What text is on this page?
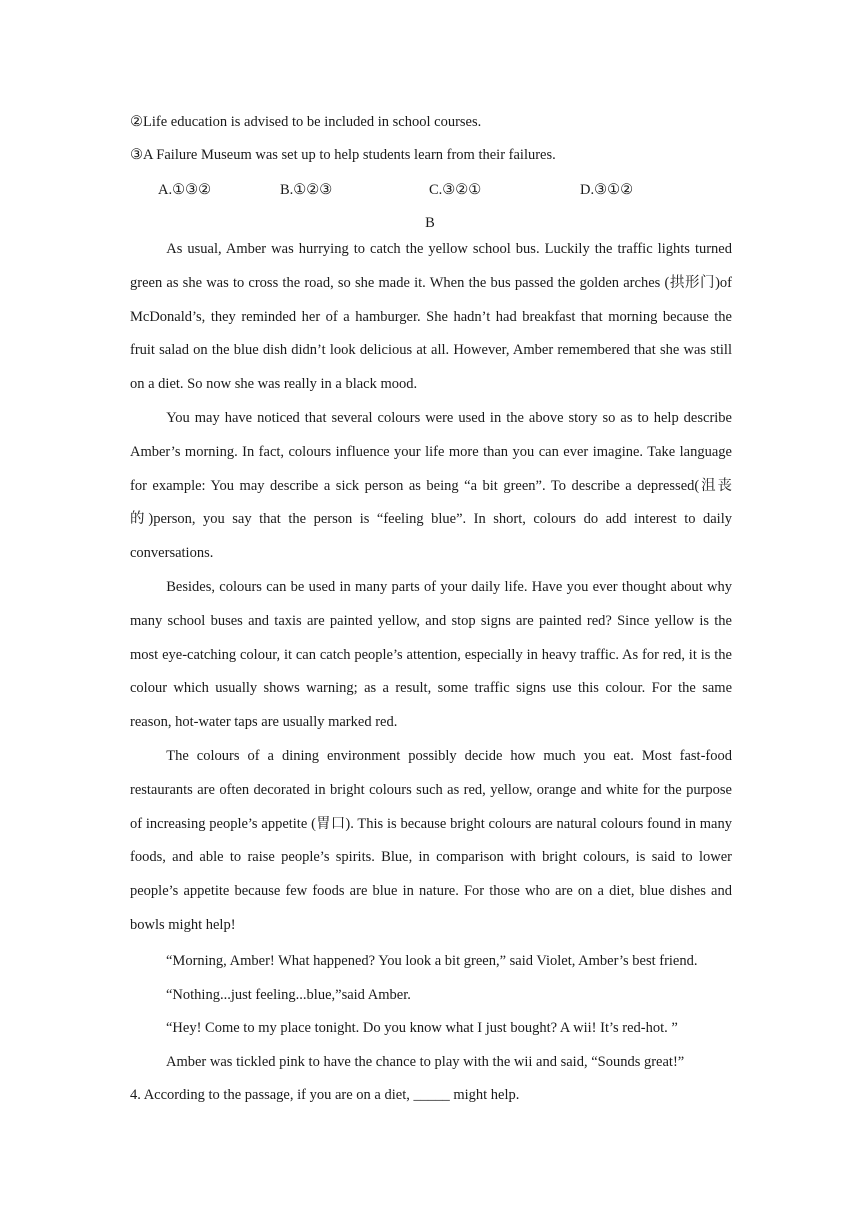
②Life education is advised to be included in school courses.
③A Failure Museum was set up to help students learn from their failures.
A.①③②	B.①②③	C.③②①	D.③①②
B

As usual, Amber was hurrying to catch the yellow school bus. Luckily the traffic lights turned green as she was to cross the road, so she made it. When the bus passed the golden arches (拱形门)of McDonald’s, they reminded her of a hamburger. She hadn’t had breakfast that morning because the fruit salad on the blue dish didn’t look delicious at all. However, Amber remembered that she was still on a diet. So now she was really in a black mood.

You may have noticed that several colours were used in the above story so as to help describe Amber’s morning. In fact, colours influence your life more than you can ever imagine. Take language for example: You may describe a sick person as being “a bit green”. To describe a depressed(沮丧的)person, you say that the person is “feeling blue”. In short, colours do add interest to daily conversations.

Besides, colours can be used in many parts of your daily life. Have you ever thought about why many school buses and taxis are painted yellow, and stop signs are painted red? Since yellow is the most eye-catching colour, it can catch people’s attention, especially in heavy traffic. As for red, it is the colour which usually shows warning; as a result, some traffic signs use this colour. For the same reason, hot-water taps are usually marked red.

The colours of a dining environment possibly decide how much you eat. Most fast-food restaurants are often decorated in bright colours such as red, yellow, orange and white for the purpose of increasing people’s appetite (胃口). This is because bright colours are natural colours found in many foods, and able to raise people’s spirits. Blue, in comparison with bright colours, is said to lower people’s appetite because few foods are blue in nature. For those who are on a diet, blue dishes and bowls might help!

“Morning, Amber! What happened? You look a bit green,” said Violet, Amber’s best friend.
“Nothing...just feeling...blue,”said Amber.
“Hey! Come to my place tonight. Do you know what I just bought? A wii! It’s red-hot. ”
Amber was tickled pink to have the chance to play with the wii and said, “Sounds great!”
4. According to the passage, if you are on a diet, _____ might help.
